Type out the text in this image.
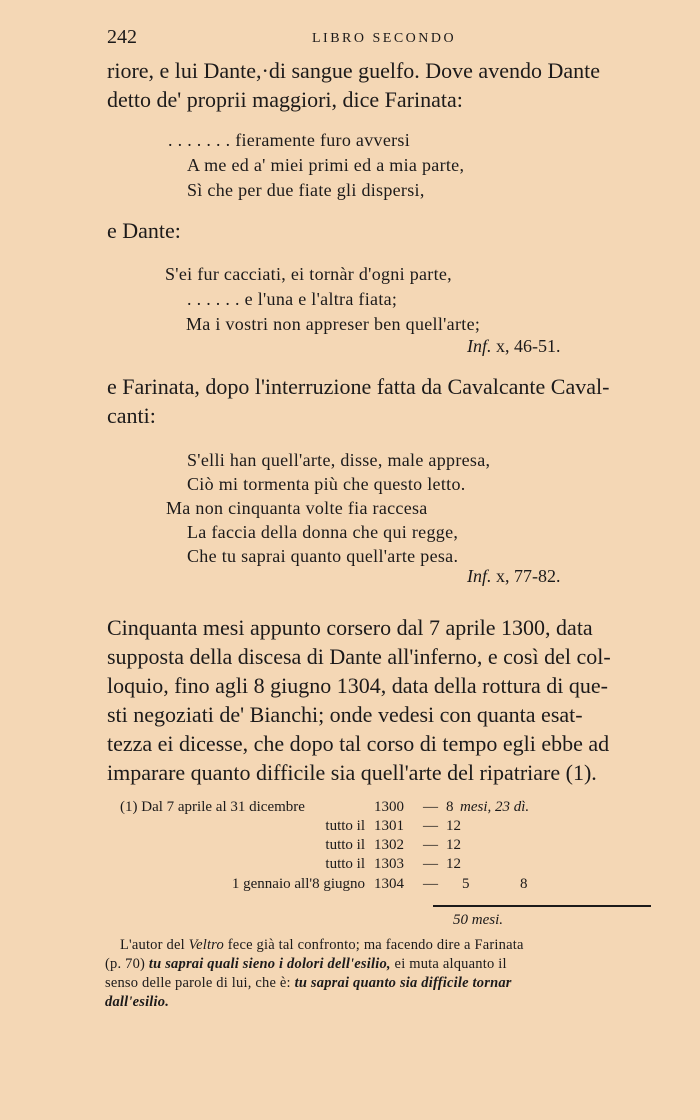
242	LIBRO SECONDO
riore, e lui Dante,·di sangue guelfo. Dove avendo Dante
detto de' proprii maggiori, dice Farinata:
. . . . . . . fieramente furo avversi
A me ed a' miei primi ed a mia parte,
Sì che per due fiate gli dispersi,
e Dante:
S'ei fur cacciati, ei tornàr d'ogni parte,
. . . . . . e l'una e l'altra fiata;
Ma i vostri non appreser ben quell'arte;
Inf. x, 46-51.
e Farinata, dopo l'interruzione fatta da Cavalcante Caval-
canti:
S'elli han quell'arte, disse, male appresa,
Ciò mi tormenta più che questo letto.
Ma non cinquanta volte fia raccesa
La faccia della donna che qui regge,
Che tu saprai quanto quell'arte pesa.
Inf. x, 77-82.
Cinquanta mesi appunto corsero dal 7 aprile 1300, data
supposta della discesa di Dante all'inferno, e così del col-
loquio, fino agli 8 giugno 1304, data della rottura di que-
sti negoziati de' Bianchi; onde vedesi con quanta esat-
tezza ei dicesse, che dopo tal corso di tempo egli ebbe ad
imparare quanto difficile sia quell'arte del ripatriare (1).
(1) Dal 7 aprile al 31 dicembre	1300 — 8 mesi, 23 dì.
tutto il 1301 — 12
tutto il 1302 — 12
tutto il 1303 — 12
1 gennaio all'8 giugno 1304 — 5	8
50 mesi.
L'autor del Veltro fece già tal confronto; ma facendo dire a Farinata
(p. 70) tu saprai quali sieno i dolori dell'esilio, ei muta alquanto il
senso delle parole di lui, che è: tu saprai quanto sia difficile tornar
dall'esilio.
